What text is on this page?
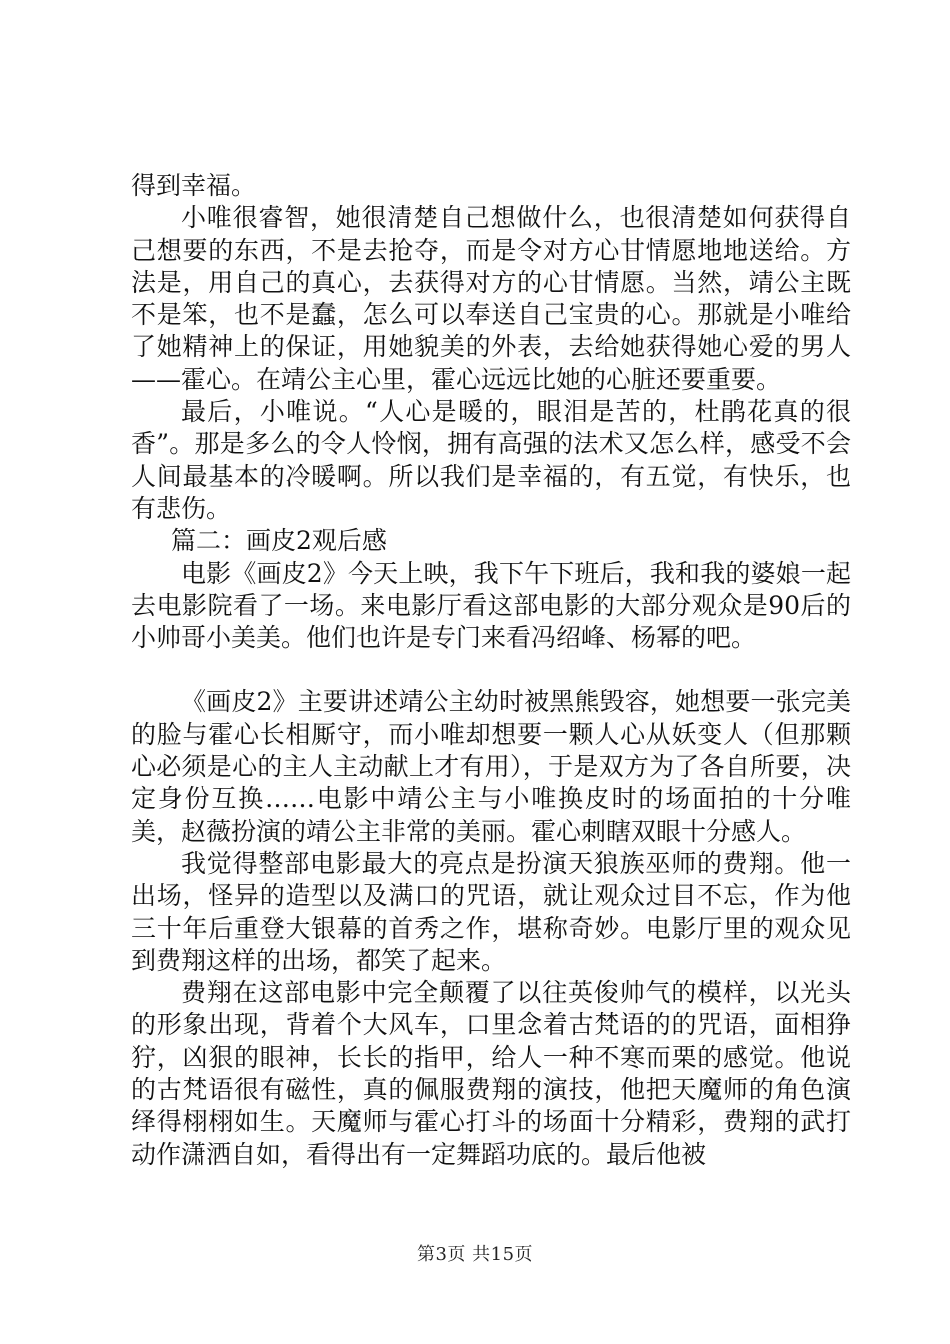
得到幸福。

小唯很睿智，她很清楚自己想做什么，也很清楚如何获得自己想要的东西，不是去抢夺，而是令对方心甘情愿地地送给。方法是，用自己的真心，去获得对方的心甘情愿。当然，靖公主既不是笨，也不是蠢，怎么可以奉送自己宝贵的心。那就是小唯给了她精神上的保证，用她貌美的外表，去给她获得她心爱的男人——霍心。在靖公主心里，霍心远远比她的心脏还要重要。

最后，小唯说。“人心是暖的，眼泪是苦的，杜鹃花真的很香”。那是多么的令人怜悯，拥有高强的法术又怎么样，感受不会人间最基本的冷暖啊。所以我们是幸福的，有五觉，有快乐，也有悲伤。

篇二：画皮2观后感

电影《画皮2》今天上映，我下午下班后，我和我的婆娘一起去电影院看了一场。来电影厅看这部电影的大部分观众是90后的小帅哥小美美。他们也许是专门来看冯绍峰、杨幂的吧。

《画皮2》主要讲述靖公主幼时被黑熊毁容，她想要一张完美的脸与霍心长相厮守，而小唯却想要一颗人心从妖变人（但那颗心必须是心的主人主动献上才有用），于是双方为了各自所要，决定身份互换……电影中靖公主与小唯换皮时的场面拍的十分唯美，赵薇扮演的靖公主非常的美丽。霍心刺瞎双眼十分感人。

我觉得整部电影最大的亮点是扮演天狼族巫师的费翔。他一出场，怪异的造型以及满口的咒语，就让观众过目不忘，作为他三十年后重登大银幕的首秀之作，堪称奇妙。电影厅里的观众见到费翔这样的出场，都笑了起来。

费翔在这部电影中完全颠覆了以往英俊帅气的模样，以光头的形象出现，背着个大风车，口里念着古梵语的的咒语，面相狰狞，凶狠的眼神，长长的指甲，给人一种不寒而栗的感觉。他说的古梵语很有磁性，真的佩服费翔的演技，他把天魔师的角色演绎得栩栩如生。天魔师与霍心打斗的场面十分精彩，费翔的武打动作潇洒自如，看得出有一定舞蹈功底的。最后他被

第3页 共15页
